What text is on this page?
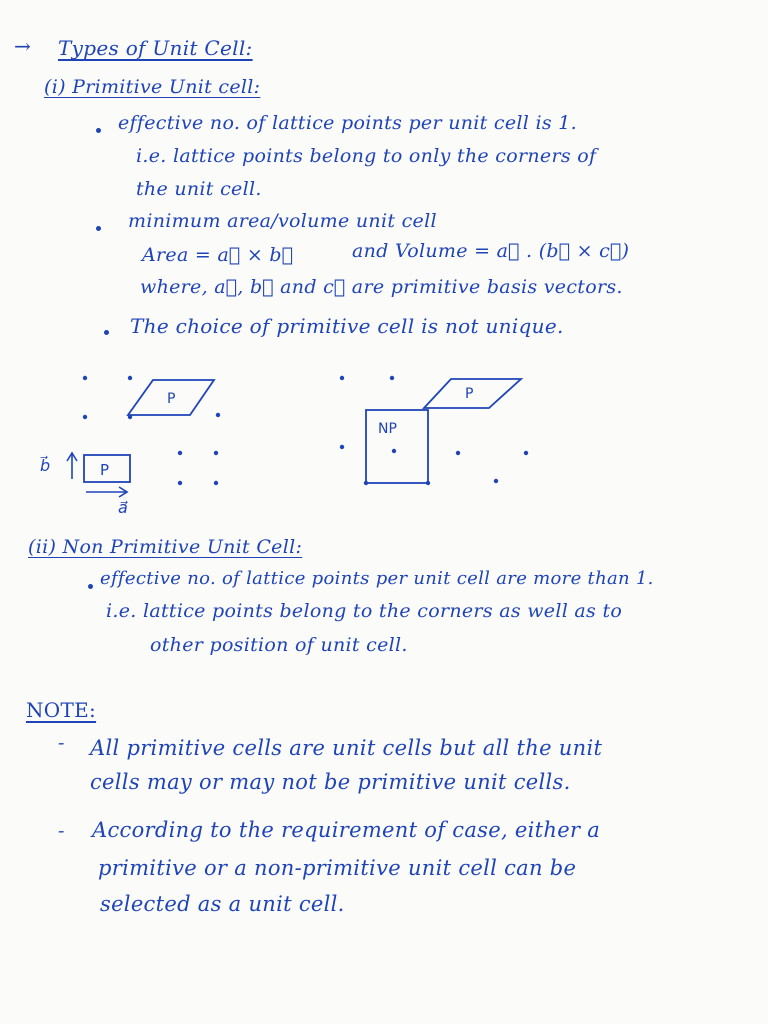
→ Types of Unit Cell:
(i) Primitive Unit cell:
effective no. of lattice points per unit cell is 1.
i.e. lattice points belong to only the corners of
the unit cell.
minimum area/volume unit cell
Area = a⃗ × b⃗	and Volume = a⃗ . (b⃗ × c⃗)
where, a⃗, b⃗ and c⃗ are primitive basis vectors.
The choice of primitive cell is not unique.
P
P
b⃗
a⃗
NP
P
(ii) Non Primitive Unit Cell:
effective no. of lattice points per unit cell are more than 1.
i.e. lattice points belong to the corners as well as to
other position of unit cell.
NOTE:
- All primitive cells are unit cells but all the unit
cells may or may not be primitive unit cells.
- According to the requirement of case, either a
primitive or a non-primitive unit cell can be
selected as a unit cell.
